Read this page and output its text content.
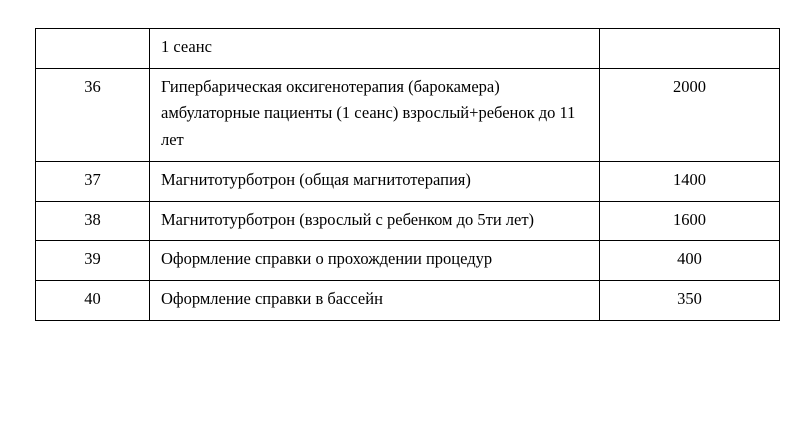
	1 сеанс	
36	Гипербарическая оксигенотерапия (барокамера) амбулаторные пациенты (1 сеанс) взрослый+ребенок до 11 лет	2000
37	Магнитотурботрон (общая магнитотерапия)	1400
38	Магнитотурботрон (взрослый с ребенком до 5ти лет)	1600
39	Оформление справки о прохождении процедур	400
40	Оформление справки в бассейн	350
